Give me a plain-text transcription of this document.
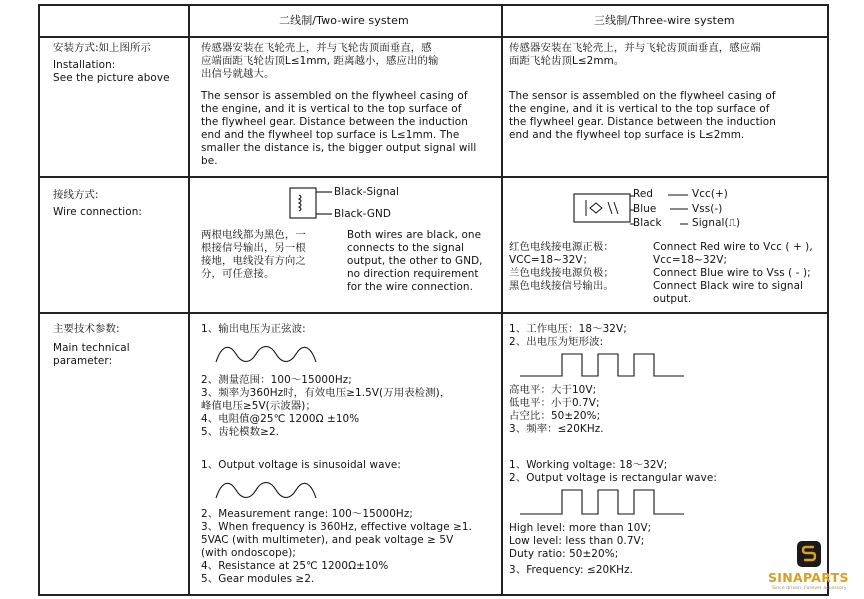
二线制/Two-wire system	三线制/Three-wire system
安装方式:如上图所示
Installation:
See the picture above
传感器安装在飞轮壳上，并与飞轮齿顶面垂直，感
应端面距飞轮齿顶L≤1mm, 距离越小，感应出的输
出信号就越大。
The sensor is assembled on the flywheel casing of
the engine, and it is vertical to the top surface of
the flywheel gear. Distance between the induction
end and the flywheel top surface is L≤1mm. The
smaller the distance is, the bigger output signal will
be.
传感器安装在飞轮壳上，并与飞轮齿顶面垂直，感应端
面距飞轮齿顶L≤2mm。
The sensor is assembled on the flywheel casing of
the engine, and it is vertical to the top surface of
the flywheel gear. Distance between the induction
end and the flywheel top surface is L≤2mm.
接线方式:
Wire connection:
Black-Signal
Black-GND
两根电线都为黑色，一
根接信号输出，另一根
接地，电线没有方向之
分，可任意接。
Both wires are black, one
connects to the signal
output, the other to GND,
no direction requirement
for the wire connection.
Red
Blue
Black
Vcc(+)
Vss(-)
Signal(⎍)
红色电线接电源正极：
VCC=18~32V；
兰色电线接电源负极；
黑色电线接信号输出。
Connect Red wire to Vcc ( + ),
Vcc=18~32V;
Connect Blue wire to Vss ( - );
Connect Black wire to signal
output.
主要技术参数:
Main technical
parameter:
1、输出电压为正弦波:
2、测量范围：100～15000Hz;
3、频率为360Hz时，有效电压≥1.5V(万用表检测)，
峰值电压≥5V(示波器)；
4、电阻值@25℃ 1200Ω ±10%
5、齿轮模数≥2.
1、Output voltage is sinusoidal wave:
2、Measurement range: 100～15000Hz;
3、When frequency is 360Hz, effective voltage ≥1.
5VAC (with multimeter), and peak voltage ≥ 5V
(with ondoscope);
4、Resistance at 25℃ 1200Ω±10%
5、Gear modules ≥2.
1、工作电压：18～32V;
2、出电压为矩形波:
高电平：大于10V;
低电平：小于0.7V;
占空比：50±20%;
3、频率：≤20KHz.
1、Working voltage: 18～32V;
2、Output voltage is rectangular wave:
High level: more than 10V;
Low level: less than 0.7V;
Duty ratio: 50±20%;
3、Frequency: ≤20KHz.	SINAPARTS
Since driven. Forever accessory
